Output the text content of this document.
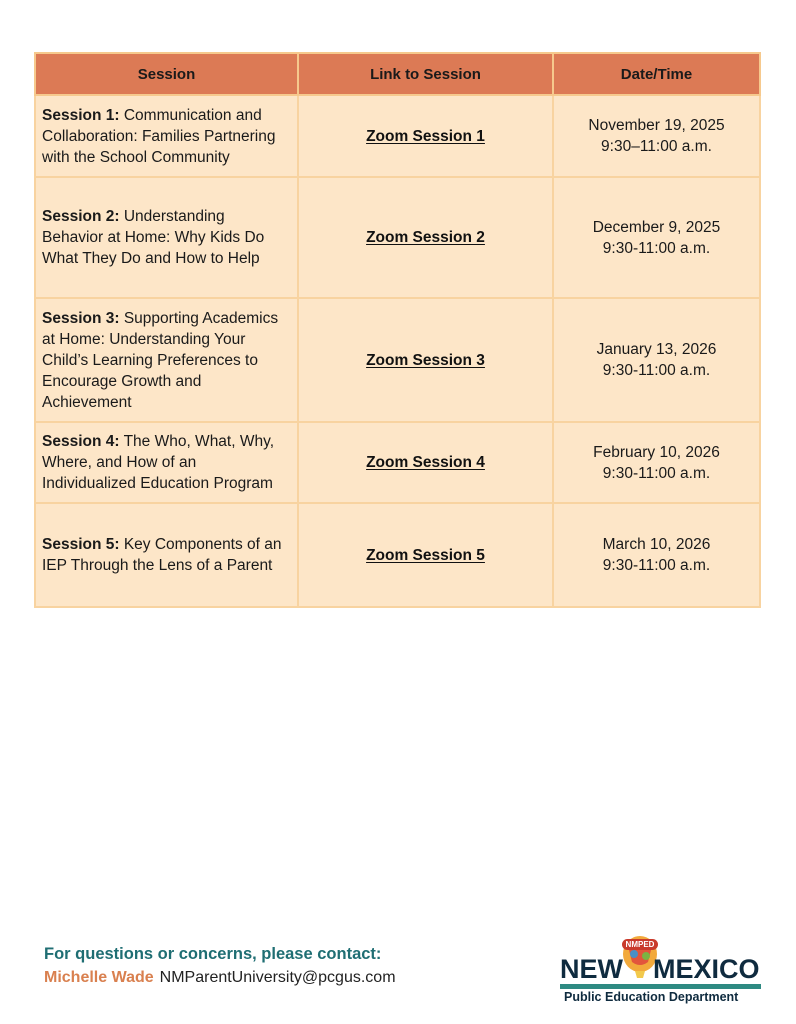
Session	Link to Session	Date/Time
Session 1: Communication and Collaboration: Families Partnering with the School Community	Zoom Session 1	November 19, 2025
9:30–11:00 a.m.

Session 2: Understanding Behavior at Home: Why Kids Do What They Do and How to Help	Zoom Session 2	December 9, 2025
9:30-11:00 a.m.

Session 3: Supporting Academics at Home: Understanding Your Child’s Learning Preferences to Encourage Growth and Achievement	Zoom Session 3	January 13, 2026
9:30-11:00 a.m.

Session 4: The Who, What, Why, Where, and How of an Individualized Education Program	Zoom Session 4	February 10, 2026
9:30-11:00 a.m.

Session 5: Key Components of an IEP Through the Lens of a Parent	Zoom Session 5	March 10, 2026
9:30-11:00 a.m.
For questions or concerns, please contact:
Michelle Wade NMParentUniversity@pcgus.com
NMPED
NEW MEXICO
Public Education Department
